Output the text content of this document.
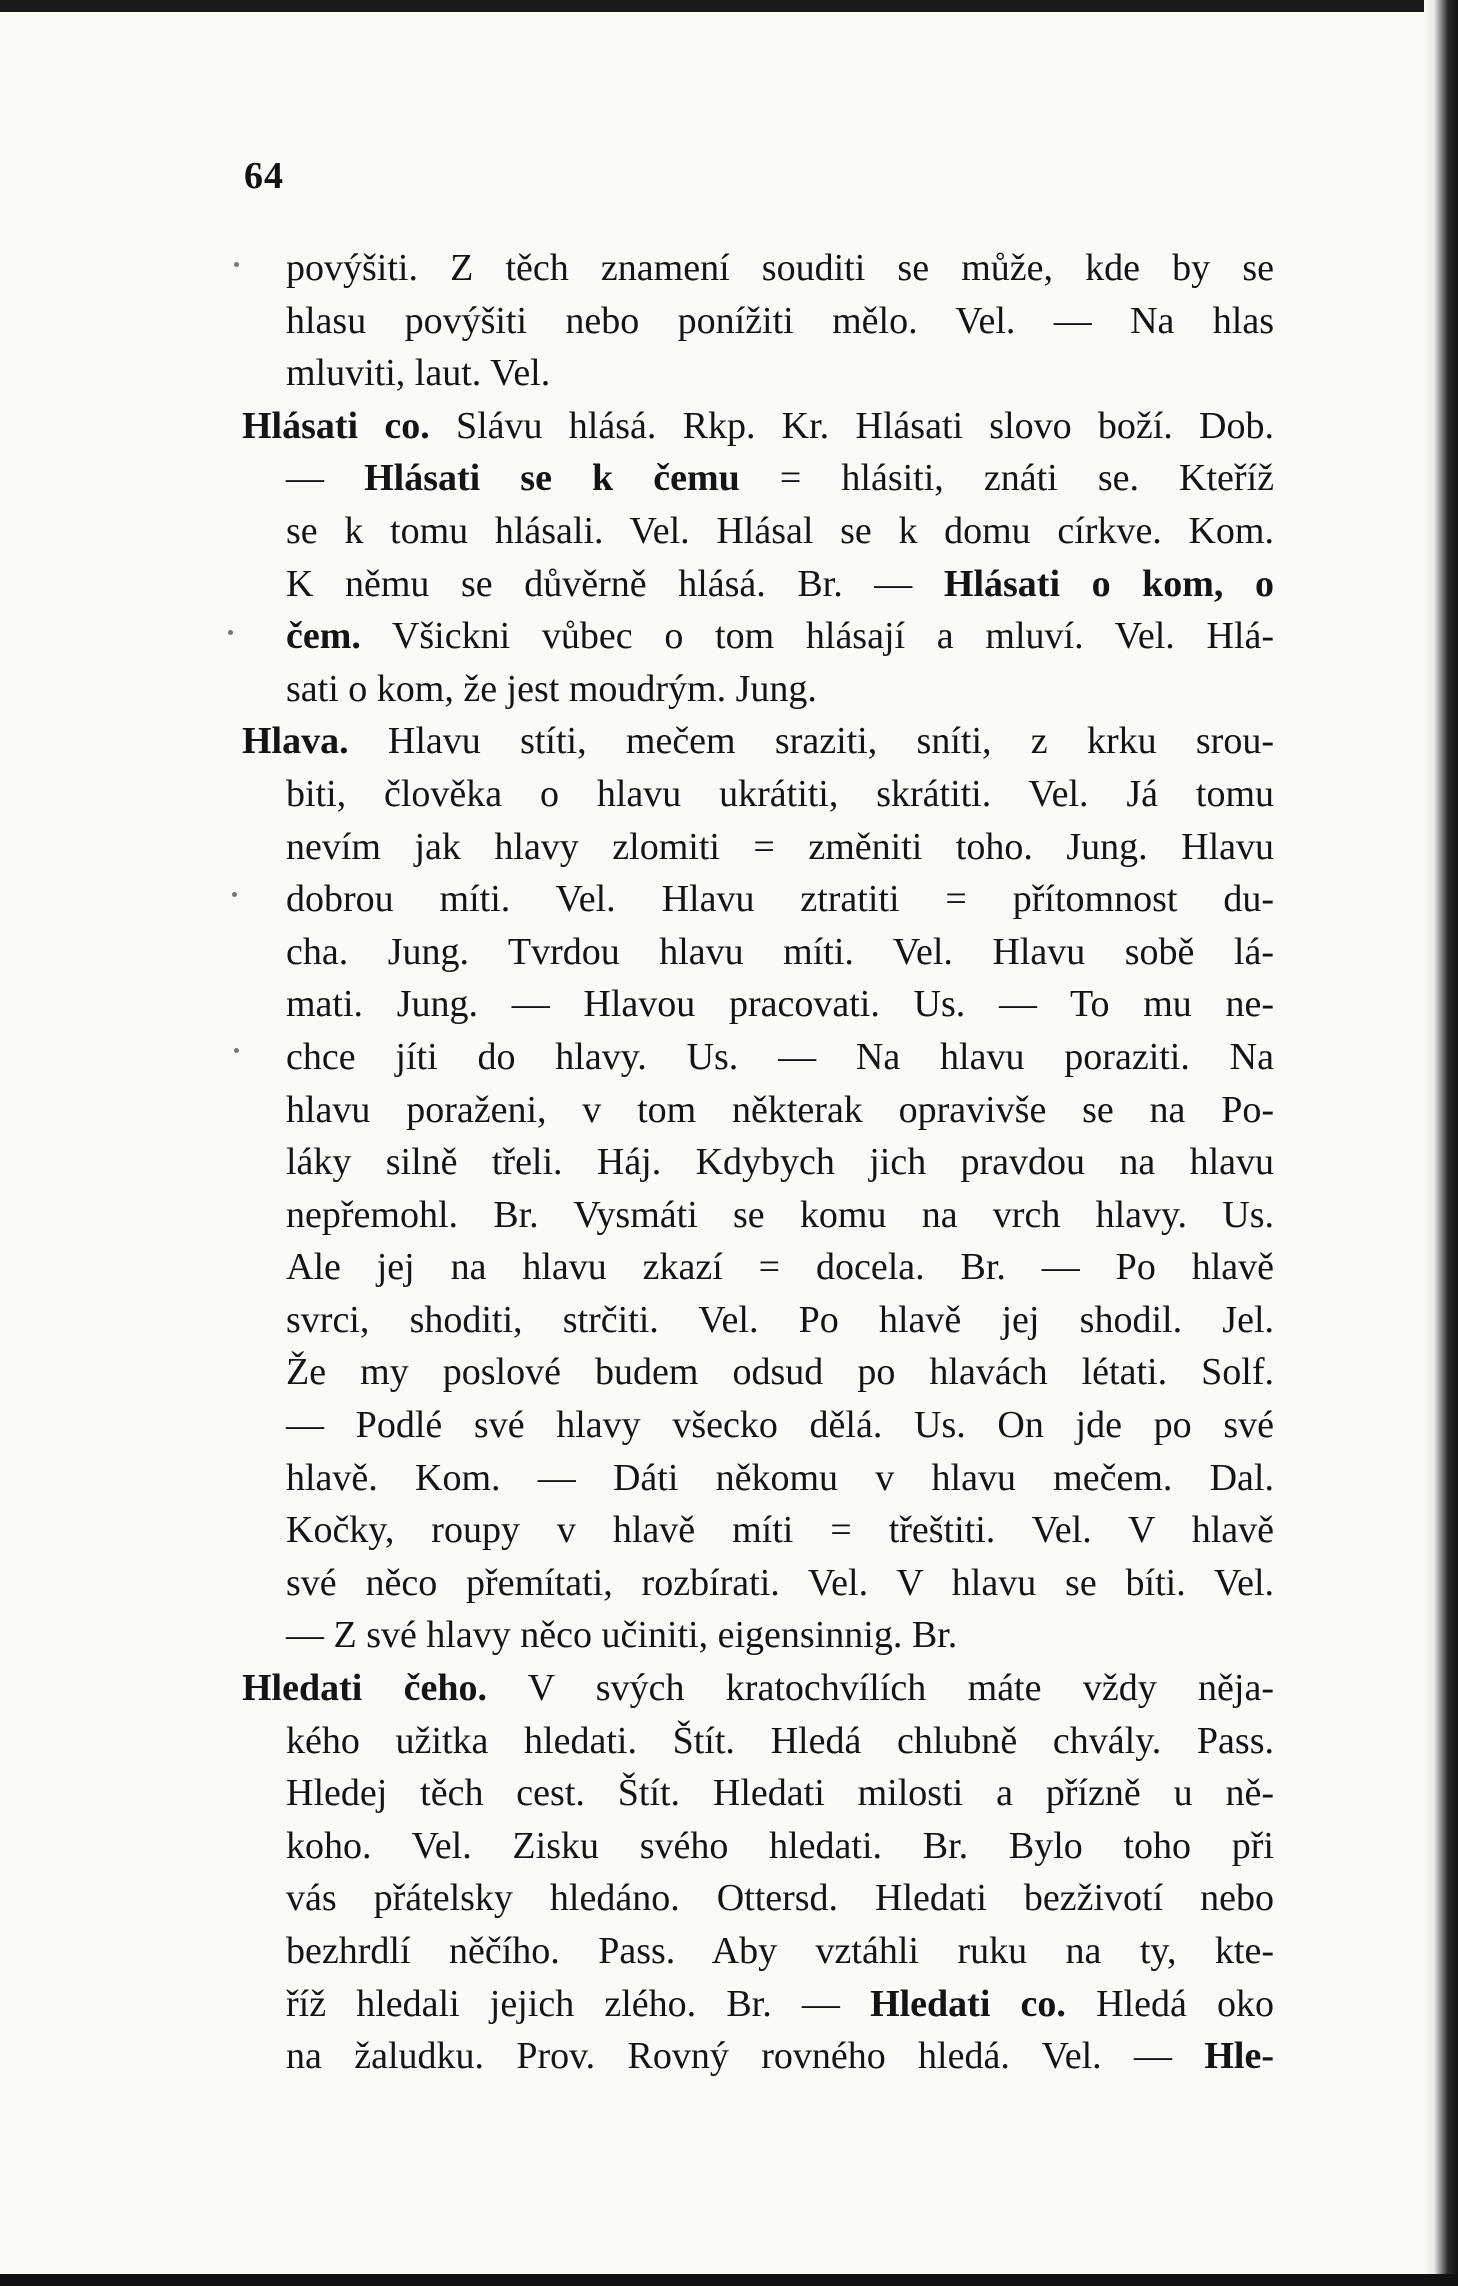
64
povýšiti. Z těch znamení souditi se může, kde by se
hlasu povýšiti nebo ponížiti mělo. Vel. — Na hlas
mluviti, laut. Vel.
Hlásati co. Slávu hlásá. Rkp. Kr. Hlásati slovo boží. Dob.
— Hlásati se k čemu = hlásiti, znáti se. Kteříž
se k tomu hlásali. Vel. Hlásal se k domu církve. Kom.
K němu se důvěrně hlásá. Br. — Hlásati o kom, o
čem. Všickni vůbec o tom hlásají a mluví. Vel. Hlá-
sati o kom, že jest moudrým. Jung.
Hlava. Hlavu stíti, mečem sraziti, sníti, z krku srou-
biti, člověka o hlavu ukrátiti, skrátiti. Vel. Já tomu
nevím jak hlavy zlomiti = změniti toho. Jung. Hlavu
dobrou míti. Vel. Hlavu ztratiti = přítomnost du-
cha. Jung. Tvrdou hlavu míti. Vel. Hlavu sobě lá-
mati. Jung. — Hlavou pracovati. Us. — To mu ne-
chce jíti do hlavy. Us. — Na hlavu poraziti. Na
hlavu poraženi, v tom některak opravivše se na Po-
láky silně třeli. Háj. Kdybych jich pravdou na hlavu
nepřemohl. Br. Vysmáti se komu na vrch hlavy. Us.
Ale jej na hlavu zkazí = docela. Br. — Po hlavě
svrci, shoditi, strčiti. Vel. Po hlavě jej shodil. Jel.
Že my poslové budem odsud po hlavách létati. Solf.
— Podlé své hlavy všecko dělá. Us. On jde po své
hlavě. Kom. — Dáti někomu v hlavu mečem. Dal.
Kočky, roupy v hlavě míti = třeštiti. Vel. V hlavě
své něco přemítati, rozbírati. Vel. V hlavu se bíti. Vel.
— Z své hlavy něco učiniti, eigensinnig. Br.
Hledati čeho. V svých kratochvílích máte vždy něja-
kého užitka hledati. Štít. Hledá chlubně chvály. Pass.
Hledej těch cest. Štít. Hledati milosti a přízně u ně-
koho. Vel. Zisku svého hledati. Br. Bylo toho při
vás přátelsky hledáno. Ottersd. Hledati bezživotí nebo
bezhrdlí něčího. Pass. Aby vztáhli ruku na ty, kte-
říž hledali jejich zlého. Br. — Hledati co. Hledá oko
na žaludku. Prov. Rovný rovného hledá. Vel. — Hle-
